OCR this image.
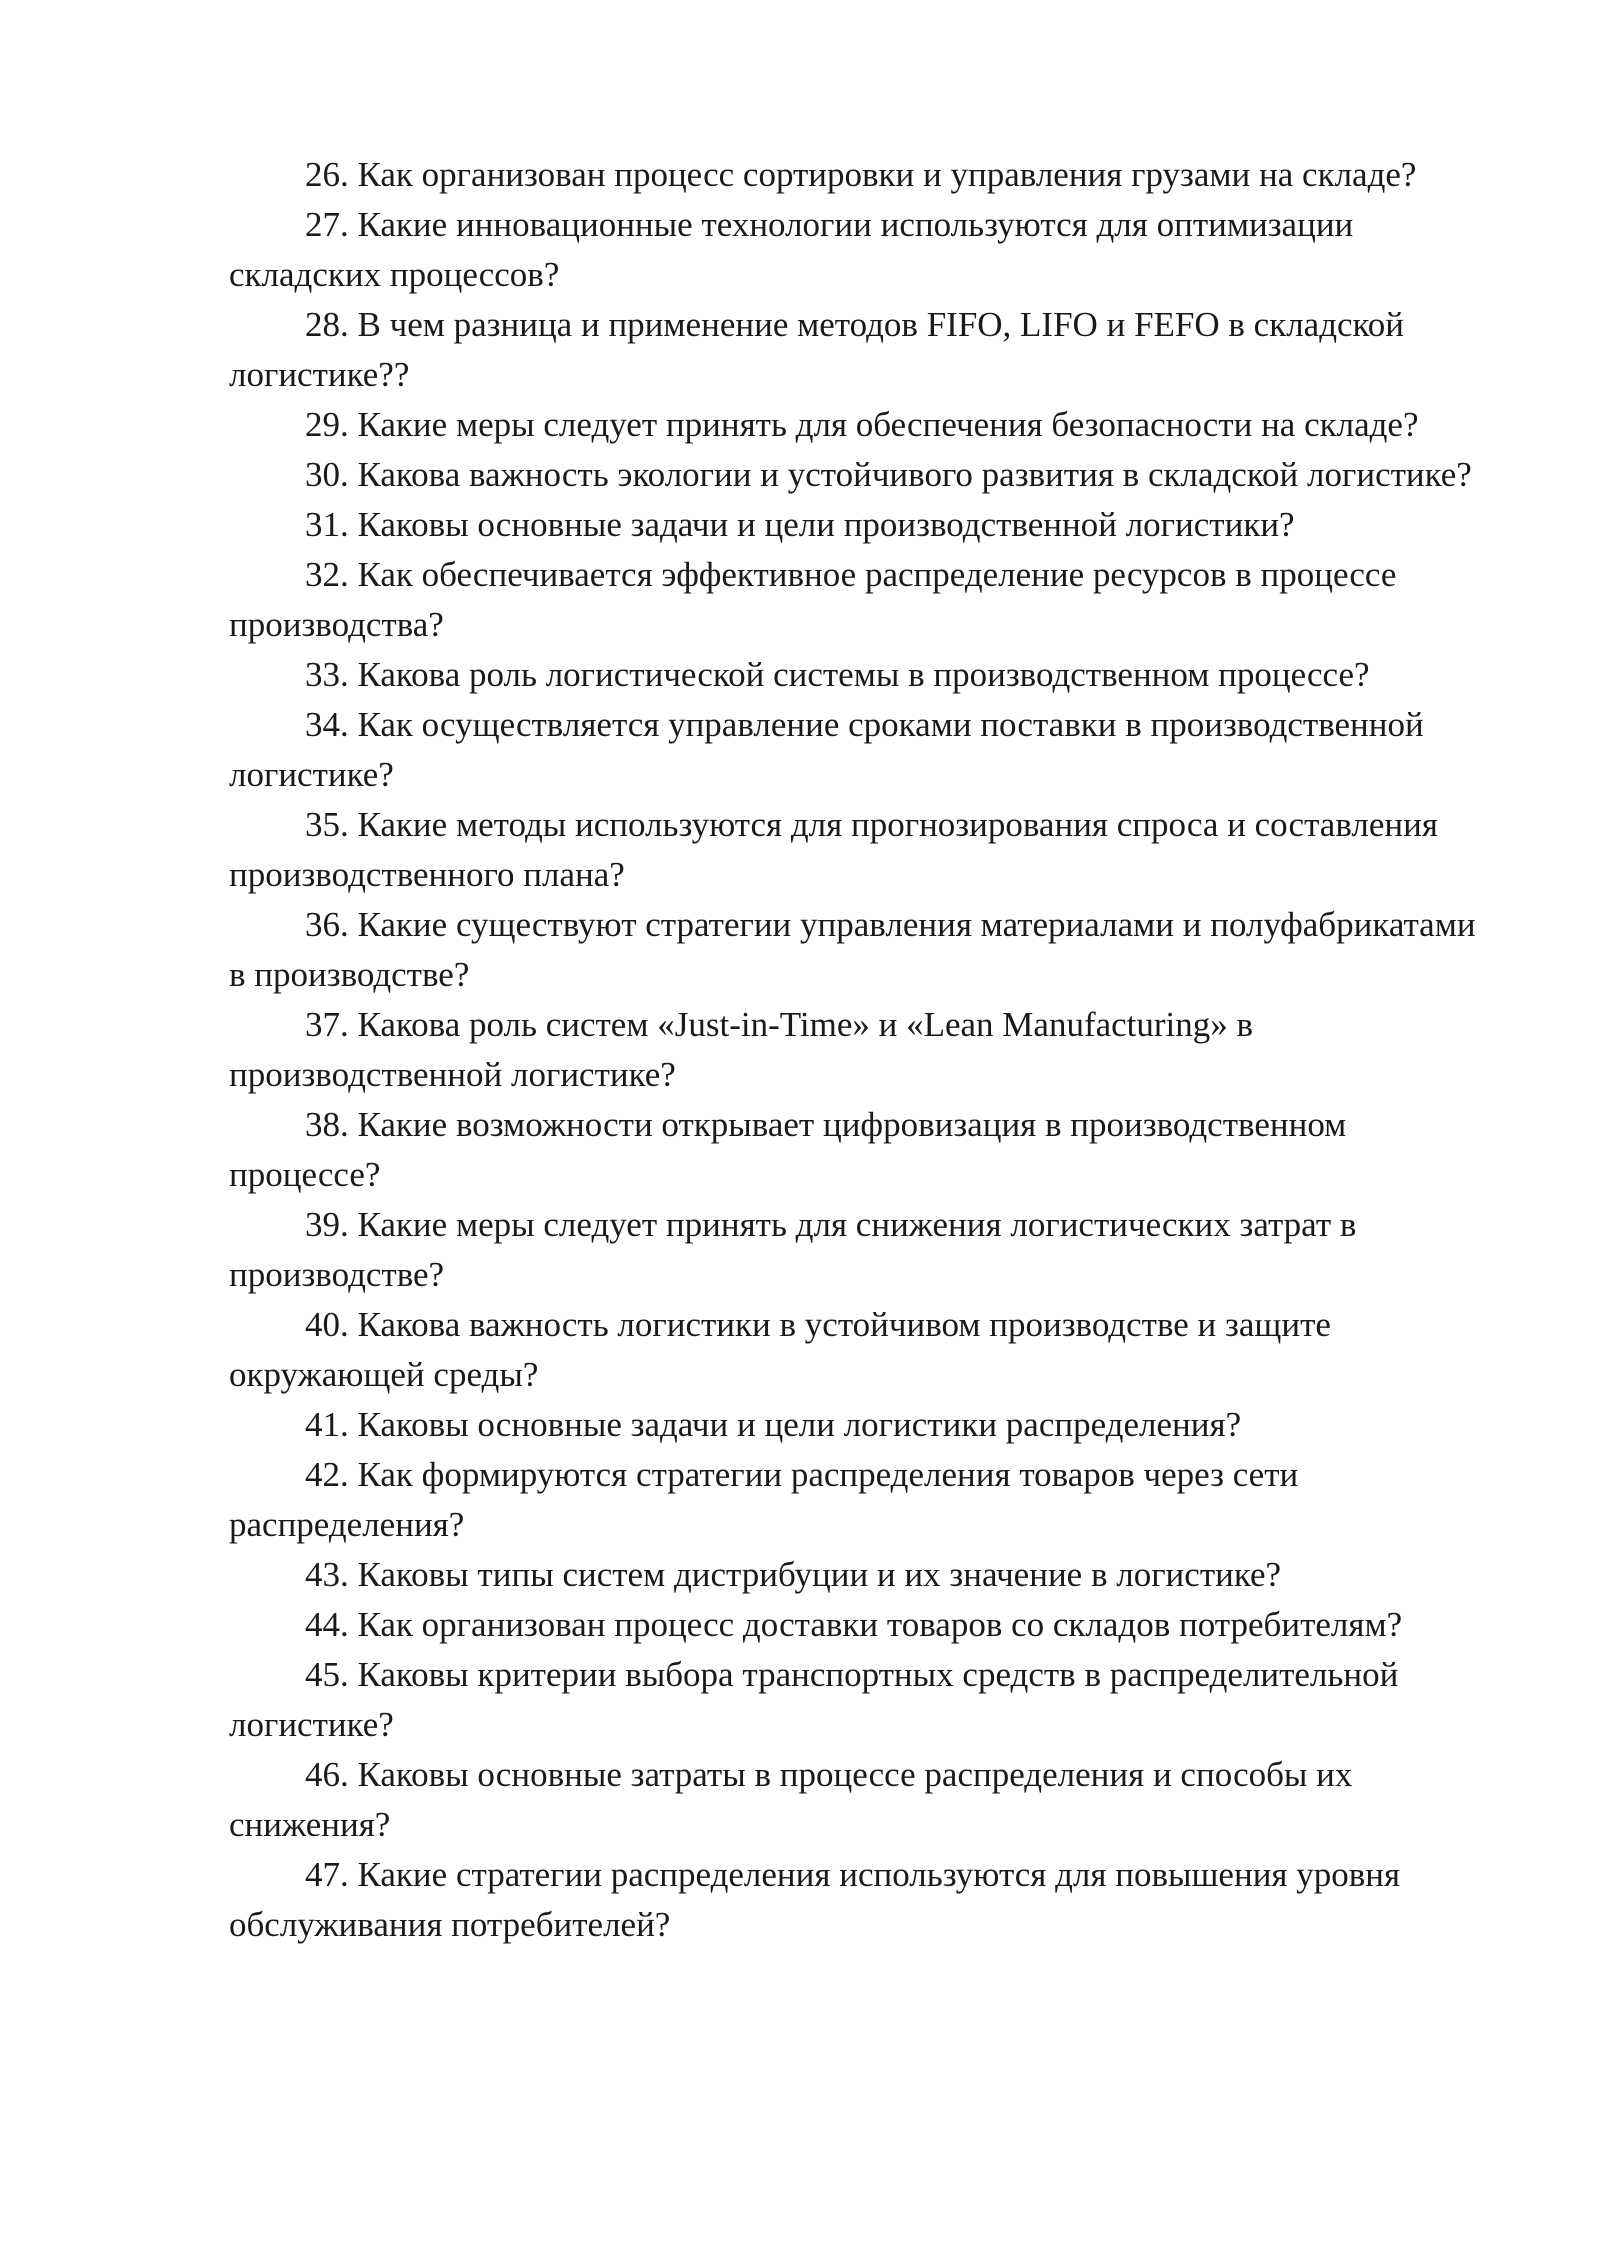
26. Как организован процесс сортировки и управления грузами на складе?

27. Какие инновационные технологии используются для оптимизации складских процессов?

28. В чем разница и применение методов FIFO, LIFO и FEFO в складской логистике??

29. Какие меры следует принять для обеспечения безопасности на складе?

30. Какова важность экологии и устойчивого развития в складской логистике?

31. Каковы основные задачи и цели производственной логистики?

32. Как обеспечивается эффективное распределение ресурсов в процессе производства?

33. Какова роль логистической системы в производственном процессе?

34. Как осуществляется управление сроками поставки в производственной логистике?

35. Какие методы используются для прогнозирования спроса и составления производственного плана?

36. Какие существуют стратегии управления материалами и полуфабрикатами в производстве?

37. Какова роль систем «Just-in-Time» и «Lean Manufacturing» в производственной логистике?

38. Какие возможности открывает цифровизация в производственном процессе?

39. Какие меры следует принять для снижения логистических затрат в производстве?

40. Какова важность логистики в устойчивом производстве и защите окружающей среды?

41. Каковы основные задачи и цели логистики распределения?

42. Как формируются стратегии распределения товаров через сети распределения?

43. Каковы типы систем дистрибуции и их значение в логистике?

44. Как организован процесс доставки товаров со складов потребителям?

45. Каковы критерии выбора транспортных средств в распределительной логистике?

46. Каковы основные затраты в процессе распределения и способы их снижения?

47. Какие стратегии распределения используются для повышения уровня обслуживания потребителей?
